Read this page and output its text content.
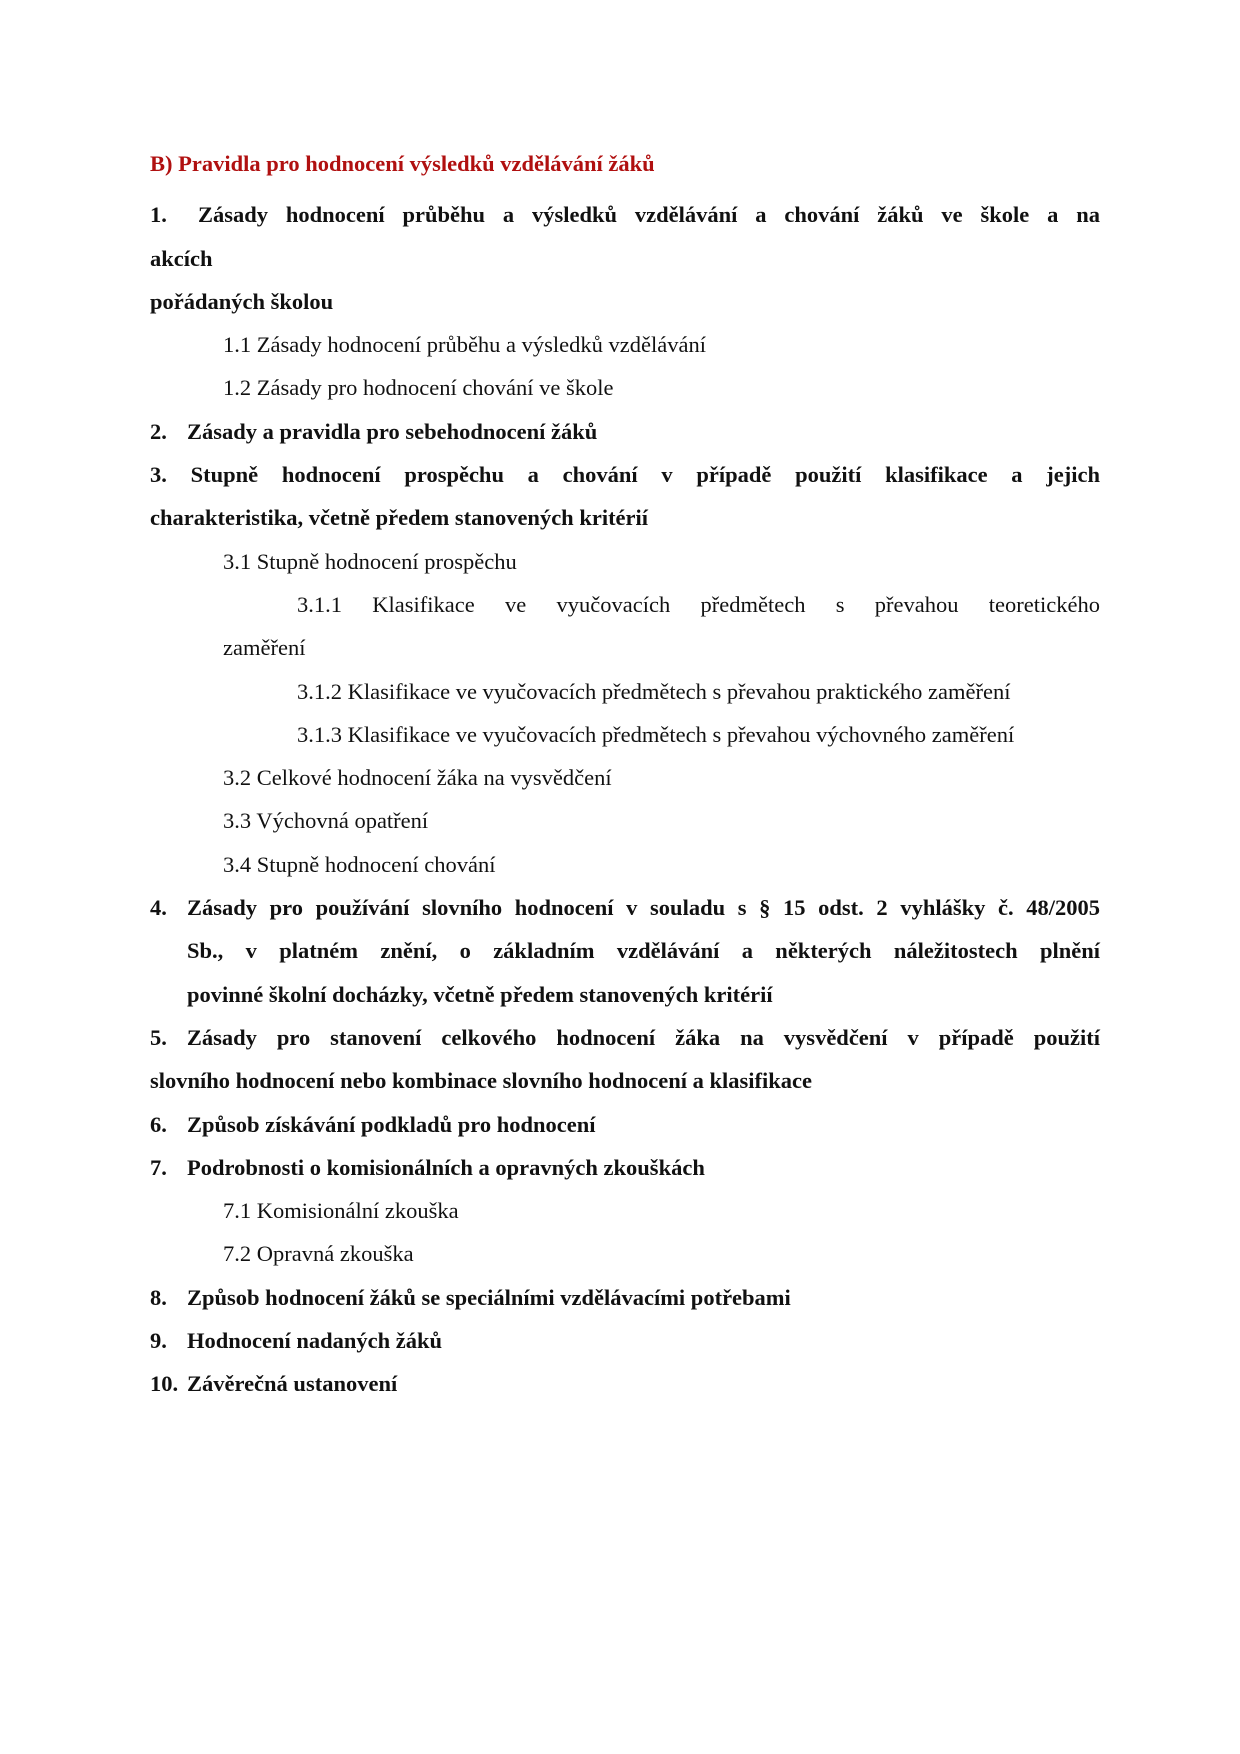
B) Pravidla pro hodnocení výsledků vzdělávání žáků
1. Zásady hodnocení průběhu a výsledků vzdělávání a chování žáků ve škole a na
akcích
pořádaných školou
1.1 Zásady hodnocení průběhu a výsledků vzdělávání
1.2 Zásady pro hodnocení chování ve škole
2. Zásady a pravidla pro sebehodnocení žáků
3. Stupně hodnocení prospěchu a chování v případě použití klasifikace a jejich
charakteristika, včetně předem stanovených kritérií
3.1 Stupně hodnocení prospěchu
3.1.1 Klasifikace ve vyučovacích předmětech s převahou teoretického
zaměření
3.1.2 Klasifikace ve vyučovacích předmětech s převahou praktického zaměření
3.1.3 Klasifikace ve vyučovacích předmětech s převahou výchovného zaměření
3.2 Celkové hodnocení žáka na vysvědčení
3.3 Výchovná opatření
3.4 Stupně hodnocení chování
4. Zásady pro používání slovního hodnocení v souladu s § 15 odst. 2 vyhlášky č. 48/2005
Sb., v platném znění, o základním vzdělávání a některých náležitostech plnění
povinné školní docházky, včetně předem stanovených kritérií
5. Zásady pro stanovení celkového hodnocení žáka na vysvědčení v případě použití
slovního hodnocení nebo kombinace slovního hodnocení a klasifikace
6. Způsob získávání podkladů pro hodnocení
7. Podrobnosti o komisionálních a opravných zkouškách
7.1 Komisionální zkouška
7.2 Opravná zkouška
8. Způsob hodnocení žáků se speciálními vzdělávacími potřebami
9. Hodnocení nadaných žáků
10. Závěrečná ustanovení
